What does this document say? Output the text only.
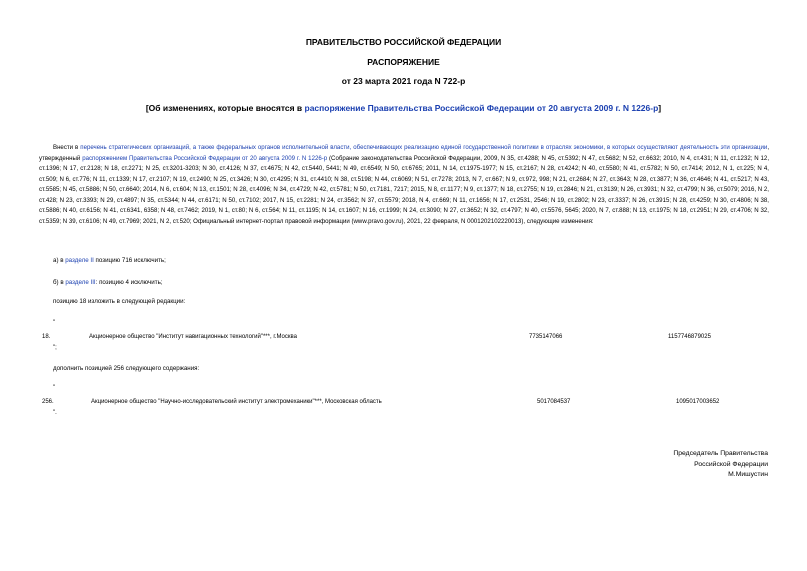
ПРАВИТЕЛЬСТВО РОССИЙСКОЙ ФЕДЕРАЦИИ
РАСПОРЯЖЕНИЕ
от 23 марта 2021 года N 722-р
[Об изменениях, которые вносятся в распоряжение Правительства Российской Федерации от 20 августа 2009 г. N 1226-р]
Внести в перечень стратегических организаций, а также федеральных органов исполнительной власти, обеспечивающих реализацию единой государственной политики в отраслях экономики, в которых осуществляют деятельность эти организации, утвержденный распоряжением Правительства Российской Федерации от 20 августа 2009 г. N 1226-р (Собрание законодательства Российской Федерации, 2009, N 35, ст.4288; N 45, ст.5392; N 47, ст.5682; N 52, ст.6632; 2010, N 4, ст.431; N 11, ст.1232; N 12, ст.1396; N 17, ст.2128; N 18, ст.2271; N 25, ст.3201-3203; N 30, ст.4126; N 37, ст.4675; N 42, ст.5440, 5441; N 49, ст.6549; N 50, ст.6765; 2011, N 14, ст.1975-1977; N 15, ст.2167; N 28, ст.4242; N 40, ст.5580; N 41, ст.5782; N 50, ст.7414; 2012, N 1, ст.225; N 4, ст.509; N 6, ст.776; N 11, ст.1339; N 17, ст.2107; N 19, ст.2490; N 25, ст.3426; N 30, ст.4295; N 31, ст.4410; N 38, ст.5198; N 44, ст.6069; N 51, ст.7278; 2013, N 7, ст.667; N 9, ст.972, 998; N 21, ст.2684; N 27, ст.3643; N 28, ст.3877; N 36, ст.4646; N 41, ст.5217; N 43, ст.5585; N 45, ст.5886; N 50, ст.6640; 2014, N 6, ст.604; N 13, ст.1501; N 28, ст.4096; N 34, ст.4729; N 42, ст.5781; N 50, ст.7181, 7217; 2015, N 8, ст.1177; N 9, ст.1377; N 18, ст.2755; N 19, ст.2846; N 21, ст.3139; N 26, ст.3931; N 32, ст.4799; N 36, ст.5079; 2016, N 2, ст.428; N 23, ст.3393; N 29, ст.4897; N 35, ст.5344; N 44, ст.6171; N 50, ст.7102; 2017, N 15, ст.2281; N 24, ст.3562; N 37, ст.5579; 2018, N 4, ст.669; N 11, ст.1656; N 17, ст.2531, 2546; N 19, ст.2802; N 23, ст.3337; N 26, ст.3915; N 28, ст.4259; N 30, ст.4806; N 38, ст.5886; N 40, ст.6156; N 41, ст.6341, 6358; N 48, ст.7462; 2019, N 1, ст.80; N 6, ст.564; N 11, ст.1195; N 14, ст.1607; N 16, ст.1999; N 24, ст.3090; N 27, ст.3652; N 32, ст.4797; N 40, ст.5576, 5645; 2020, N 7, ст.888; N 13, ст.1975; N 18, ст.2951; N 29, ст.4706; N 32, ст.5359; N 39, ст.6106; N 49, ст.7969; 2021, N 2, ст.520; Официальный интернет-портал правовой информации (www.pravo.gov.ru), 2021, 22 февраля, N 0001202102220013), следующие изменения:
а) в разделе II позицию 716 исключить;
б) в разделе III: позицию 4 исключить;
позицию 18 изложить в следующей редакции:
"
18.	Акционерное общество "Институт навигационных технологий"***, г.Москва	7735147066	1157746879025
";
дополнить позицией 256 следующего содержания:
"
256.	Акционерное общество "Научно-исследовательский институт электромеханики"***, Московская область	5017084537	1095017003652
".
Председатель Правительства
Российской Федерации
М.Мишустин
